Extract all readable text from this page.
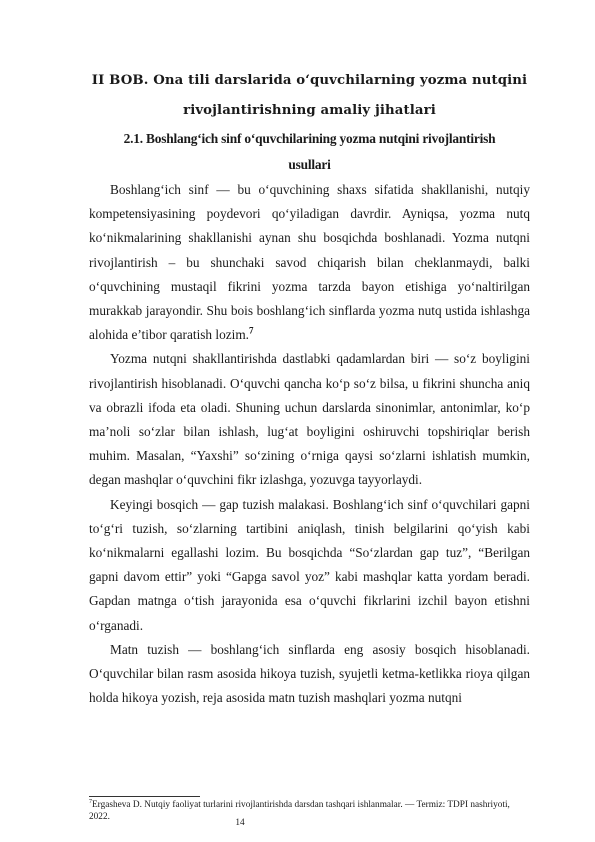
II BOB. Ona tili darslarida o‘quvchilarning yozma nutqini

rivojlantirishning amaliy jihatlari

2.1. Boshlang‘ich sinf o‘quvchilarining yozma nutqini rivojlantirish

usullari

Boshlang‘ich sinf — bu o‘quvchining shaxs sifatida shakllanishi, nutqiy kompetensiyasining poydevori qo‘yiladigan davrdir. Ayniqsa, yozma nutq ko‘nikmalarining shakllanishi aynan shu bosqichda boshlanadi. Yozma nutqni rivojlantirish – bu shunchaki savod chiqarish bilan cheklanmaydi, balki o‘quvchining mustaqil fikrini yozma tarzda bayon etishiga yo‘naltirilgan murakkab jarayondir. Shu bois boshlang‘ich sinflarda yozma nutq ustida ishlashga alohida e’tibor qaratish lozim.$^7$

Yozma nutqni shakllantirishda dastlabki qadamlardan biri — so‘z boyligini rivojlantirish hisoblanadi. O‘quvchi qancha ko‘p so‘z bilsa, u fikrini shuncha aniq va obrazli ifoda eta oladi. Shuning uchun darslarda sinonimlar, antonimlar, ko‘p ma’noli so‘zlar bilan ishlash, lug‘at boyligini oshiruvchi topshiriqlar berish muhim. Masalan, “Yaxshi” so‘zining o‘rniga qaysi so‘zlarni ishlatish mumkin, degan mashqlar o‘quvchini fikr izlashga, yozuvga tayyorlaydi.

Keyingi bosqich — gap tuzish malakasi. Boshlang‘ich sinf o‘quvchilari gapni to‘g‘ri tuzish, so‘zlarning tartibini aniqlash, tinish belgilarini qo‘yish kabi ko‘nikmalarni egallashi lozim. Bu bosqichda “So‘zlardan gap tuz”, “Berilgan gapni davom ettir” yoki “Gapga savol yoz” kabi mashqlar katta yordam beradi. Gapdan matnga o‘tish jarayonida esa o‘quvchi fikrlarini izchil bayon etishni o‘rganadi.

Matn tuzish — boshlang‘ich sinflarda eng asosiy bosqich hisoblanadi. O‘quvchilar bilan rasm asosida hikoya tuzish, syujetli ketma-ketlikka rioya qilgan holda hikoya yozish, reja asosida matn tuzish mashqlari yozma nutqni

$^7$Ergasheva D. Nutqiy faoliyat turlarini rivojlantirishda darsdan tashqari ishlanmalar. — Termiz: TDPI nashriyoti, 2022.
14
